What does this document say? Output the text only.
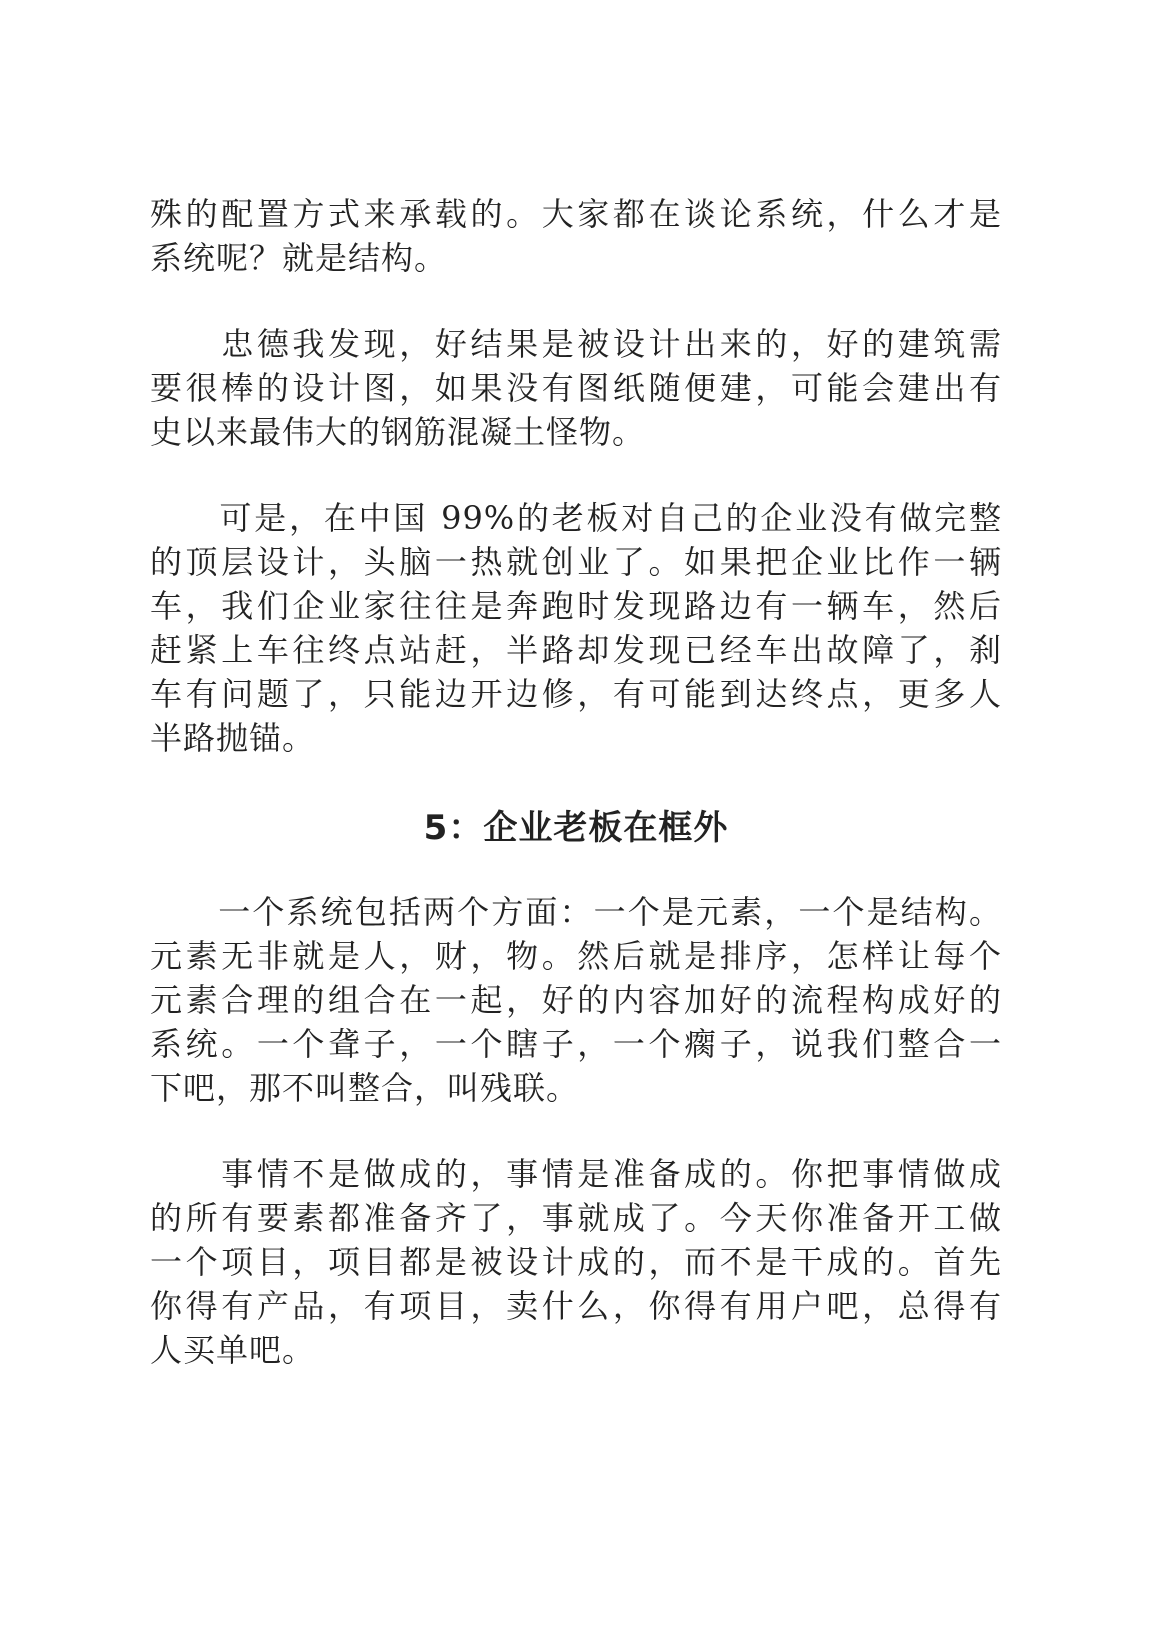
殊的配置方式来承载的。大家都在谈论系统，什么才是
系统呢？就是结构。
　　忠德我发现，好结果是被设计出来的，好的建筑需
要很棒的设计图，如果没有图纸随便建，可能会建出有
史以来最伟大的钢筋混凝土怪物。
　　可是，在中国 99%的老板对自己的企业没有做完整
的顶层设计，头脑一热就创业了。如果把企业比作一辆
车，我们企业家往往是奔跑时发现路边有一辆车，然后
赶紧上车往终点站赶，半路却发现已经车出故障了，刹
车有问题了，只能边开边修，有可能到达终点，更多人
半路抛锚。
5：企业老板在框外
　　一个系统包括两个方面：一个是元素，一个是结构。
元素无非就是人，财，物。然后就是排序，怎样让每个
元素合理的组合在一起，好的内容加好的流程构成好的
系统。一个聋子，一个瞎子，一个瘸子，说我们整合一
下吧，那不叫整合，叫残联。
　　事情不是做成的，事情是准备成的。你把事情做成
的所有要素都准备齐了，事就成了。今天你准备开工做
一个项目，项目都是被设计成的，而不是干成的。首先
你得有产品，有项目，卖什么，你得有用户吧，总得有
人买单吧。
